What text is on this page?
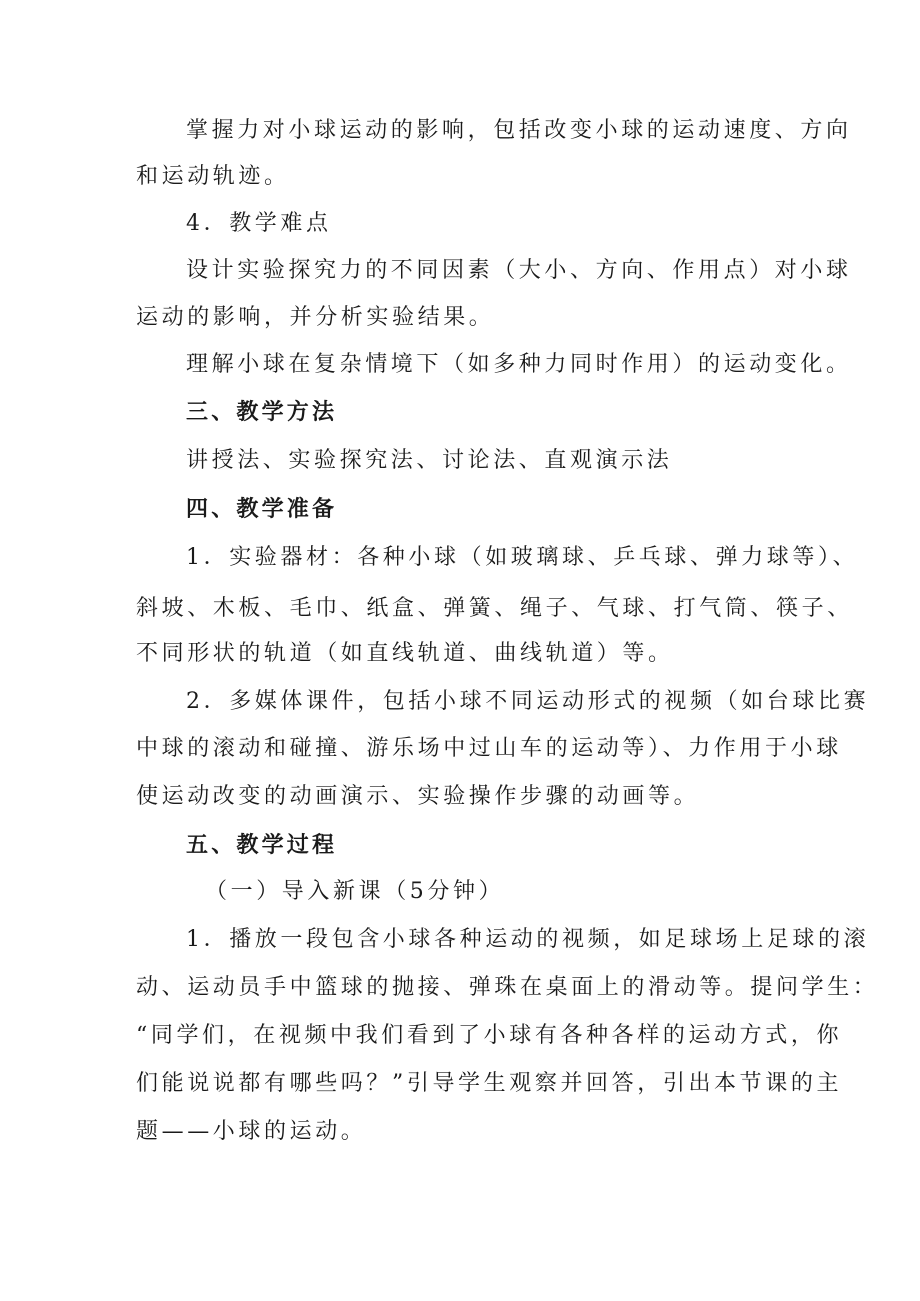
掌握力对小球运动的影响，包括改变小球的运动速度、方向

和运动轨迹。

4．教学难点

设计实验探究力的不同因素（大小、方向、作用点）对小球

运动的影响，并分析实验结果。

理解小球在复杂情境下（如多种力同时作用）的运动变化。

三、教学方法

讲授法、实验探究法、讨论法、直观演示法

四、教学准备

1．实验器材：各种小球（如玻璃球、乒乓球、弹力球等）、

斜坡、木板、毛巾、纸盒、弹簧、绳子、气球、打气筒、筷子、

不同形状的轨道（如直线轨道、曲线轨道）等。

2．多媒体课件，包括小球不同运动形式的视频（如台球比赛

中球的滚动和碰撞、游乐场中过山车的运动等）、力作用于小球

使运动改变的动画演示、实验操作步骤的动画等。

五、教学过程

（一）导入新课（5分钟）

1．播放一段包含小球各种运动的视频，如足球场上足球的滚

动、运动员手中篮球的抛接、弹珠在桌面上的滑动等。提问学生：

“同学们，在视频中我们看到了小球有各种各样的运动方式，你

们能说说都有哪些吗？”引导学生观察并回答，引出本节课的主

题——小球的运动。
